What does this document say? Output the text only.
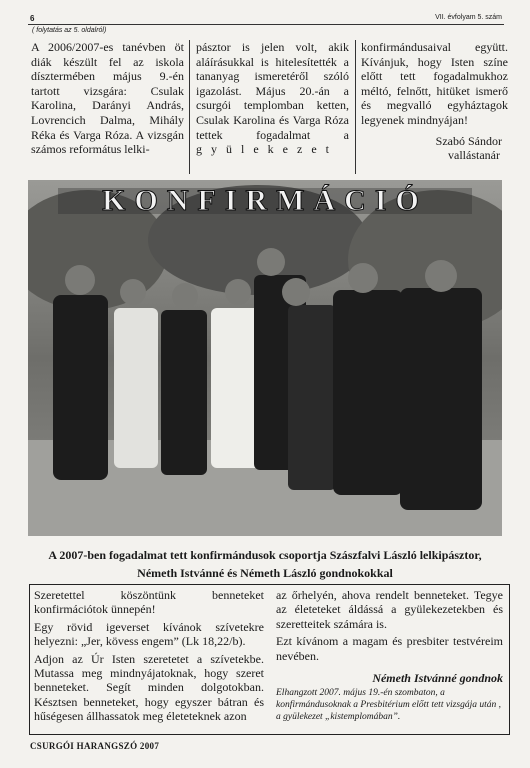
6	VII. évfolyam 5. szám
( folytatás az 5. oldalról)
A 2006/2007-es tanévben öt diák készült fel az iskola dísztermében május 9.-én tartott vizsgára: Csulak Karolina, Darányi András, Lovrencich Dalma, Mihály Réka és Varga Róza. A vizsgán számos református lelki-
pásztor is jelen volt, akik aláírásukkal is hitelesítették a tananyag ismeretéről szóló igazolást. Május 20.-án a csurgói templomban ketten, Csulak Karolina és Varga Róza tettek fogadalmat a gyülekezet
konfirmándusaival együtt. Kívánjuk, hogy Isten színe előtt tett fogadalmukhoz méltó, felnőtt, hitüket ismerő és megvalló egyháztagok legyenek mindnyájan!
Szabó Sándor
vallástanár
KONFIRMÁCIÓ
A 2007-ben fogadalmat tett konfirmándusok csoportja Szászfalvi László lelkipásztor,
Németh Istvánné és Németh László gondnokokkal

Szeretettel köszöntünk benneteket konfirmációtok ünnepén!

Egy rövid igeverset kívánok szívetekre helyezni: „Jer, kövess engem” (Lk 18,22/b).

Adjon az Úr Isten szeretetet a szívetekbe. Mutassa meg mindnyájatoknak, hogy szeret benneteket. Segít minden dolgotokban. Késztsen benneteket, hogy egyszer bátran és hűségesen állhassatok meg életeteknek azon

az őrhelyén, ahova rendelt benneteket. Tegye az életeteket áldássá a gyülekezetekben és szeretteitek számára is.

Ezt kívánom a magam és presbiter testvéreim nevében.

Németh Istvánné gondnok
Elhangzott 2007. május 19.-én szombaton, a konfirmándusoknak a Presbitérium előtt tett vizsgája után , a gyülekezet „kistemplomában”.
CSURGÓI HARANGSZÓ 2007
